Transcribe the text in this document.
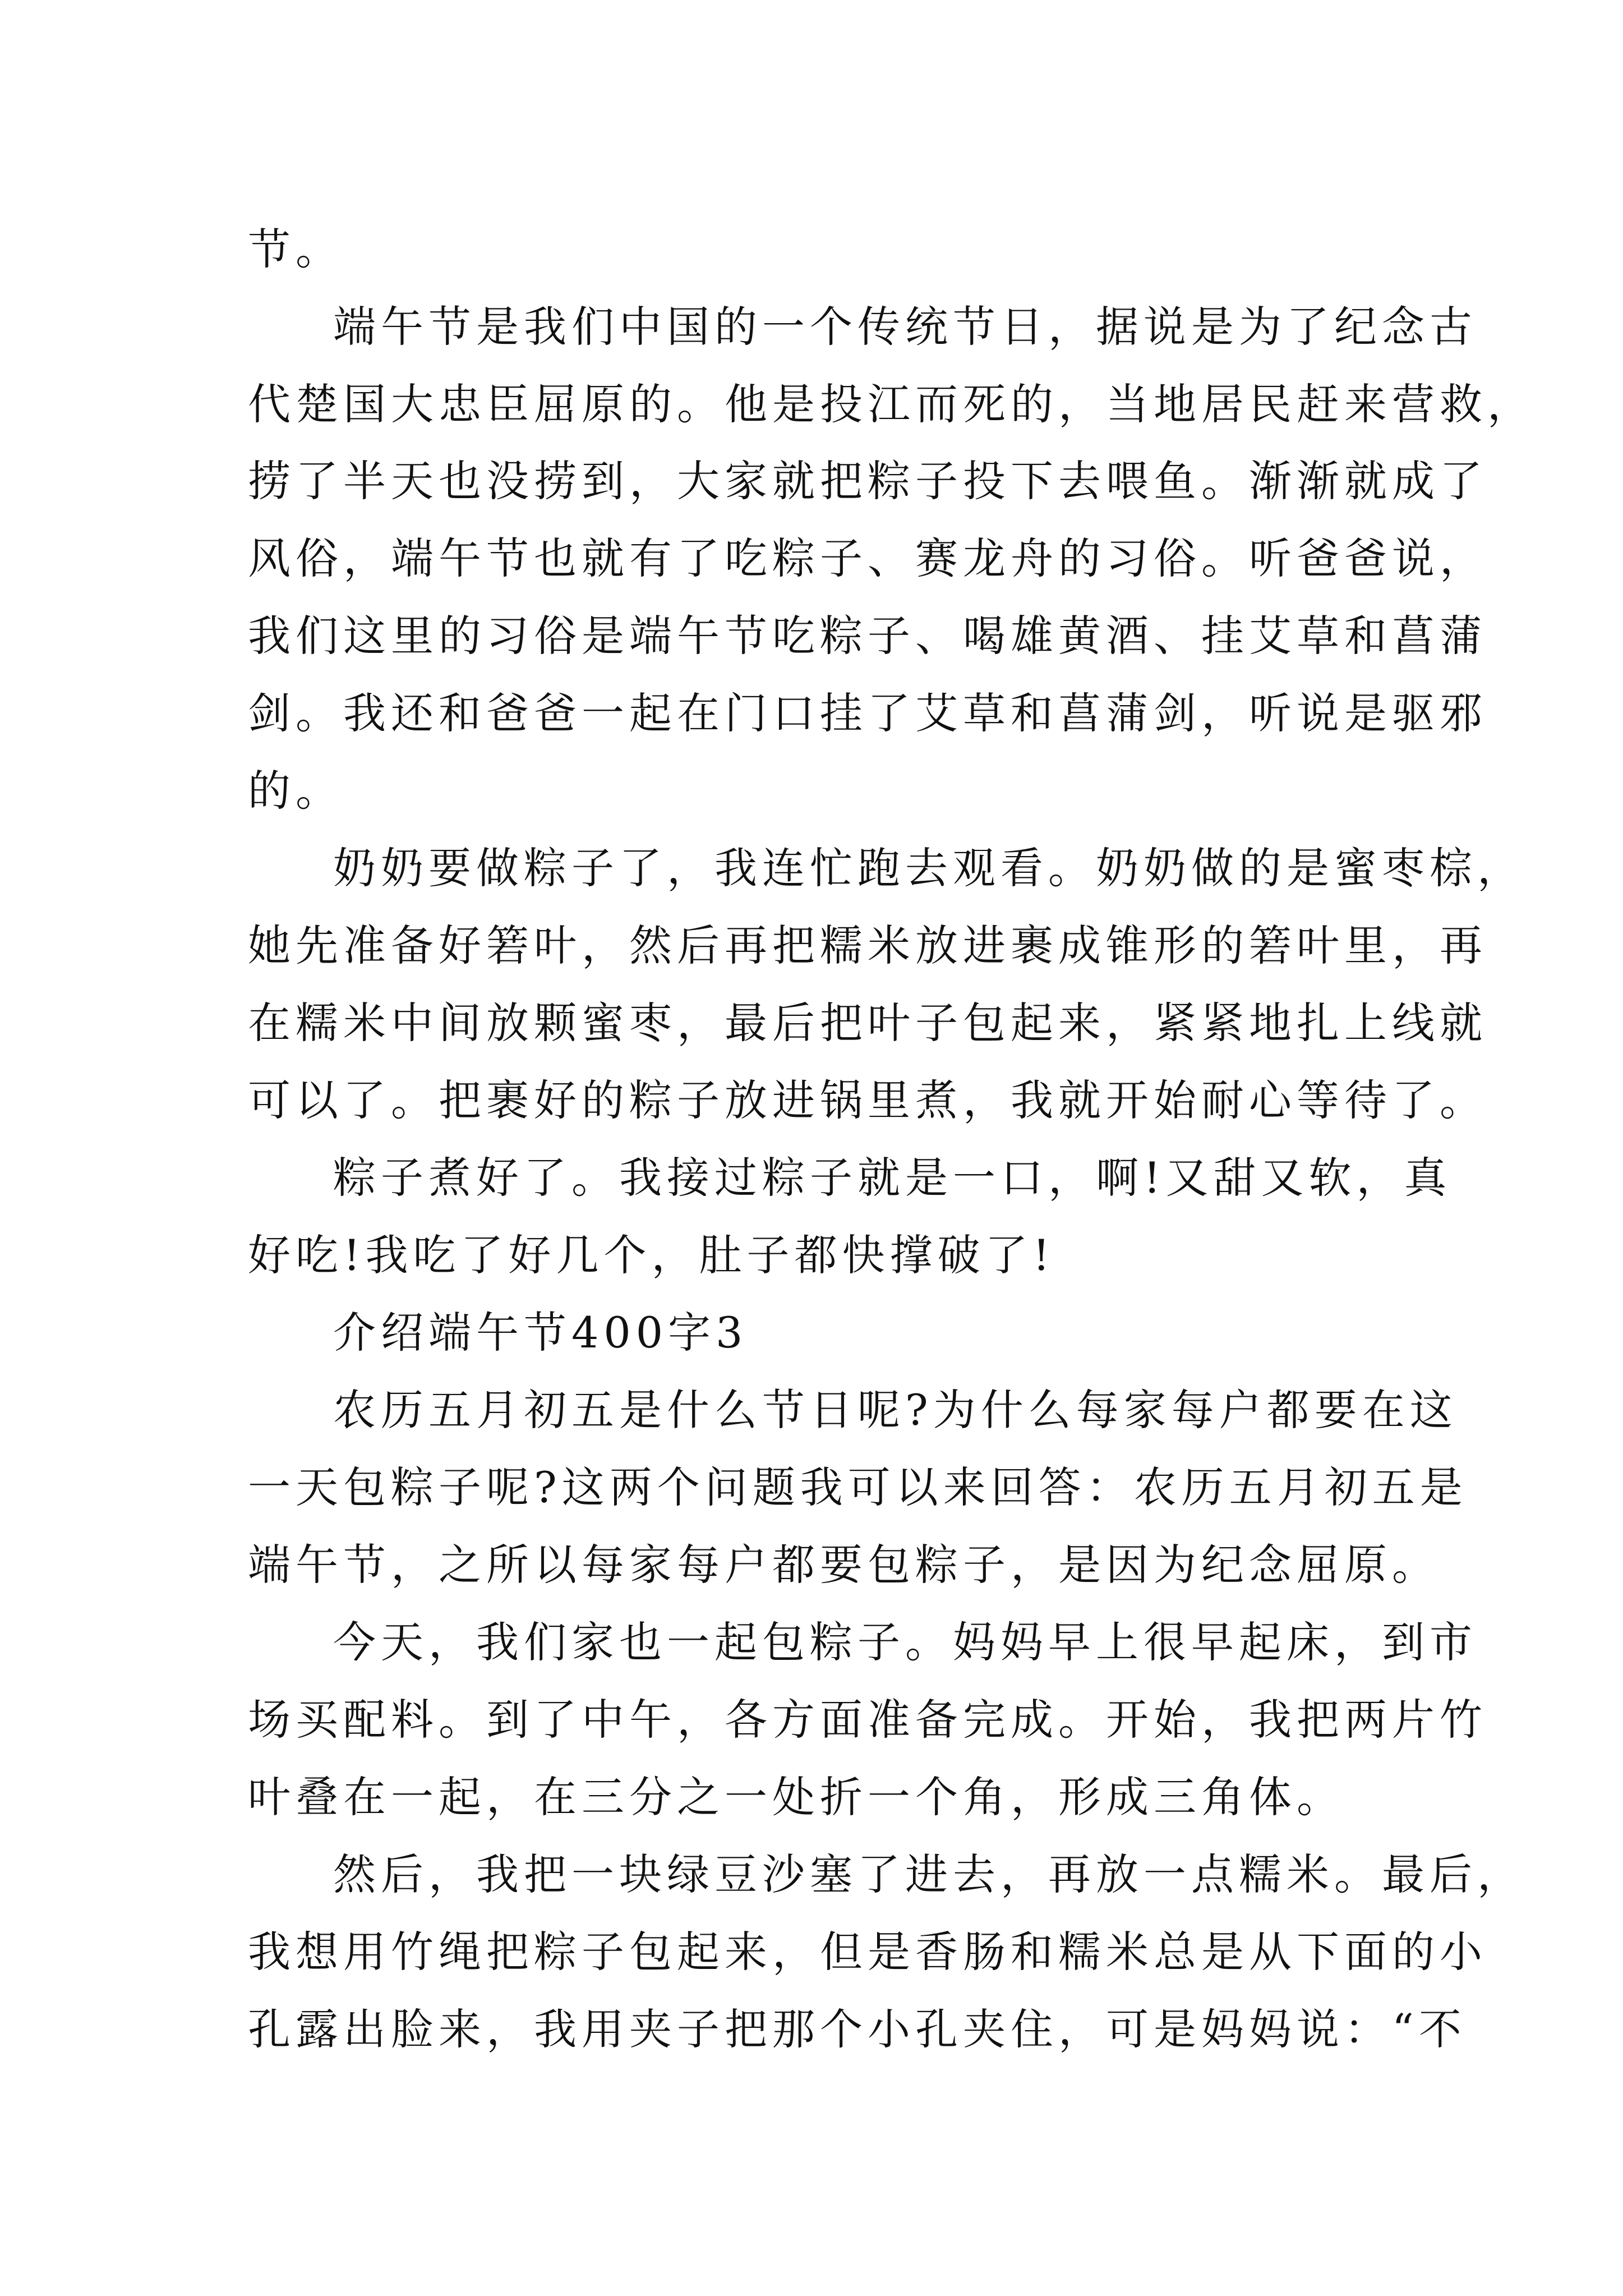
节。
端午节是我们中国的一个传统节日，据说是为了纪念古
代楚国大忠臣屈原的。他是投江而死的，当地居民赶来营救，
捞了半天也没捞到，大家就把粽子投下去喂鱼。渐渐就成了
风俗，端午节也就有了吃粽子、赛龙舟的习俗。听爸爸说，
我们这里的习俗是端午节吃粽子、喝雄黄酒、挂艾草和菖蒲
剑。我还和爸爸一起在门口挂了艾草和菖蒲剑，听说是驱邪
的。
奶奶要做粽子了，我连忙跑去观看。奶奶做的是蜜枣棕，
她先准备好箬叶，然后再把糯米放进裹成锥形的箬叶里，再
在糯米中间放颗蜜枣，最后把叶子包起来，紧紧地扎上线就
可以了。把裹好的粽子放进锅里煮，我就开始耐心等待了。
粽子煮好了。我接过粽子就是一口，啊!又甜又软，真
好吃!我吃了好几个，肚子都快撑破了!
介绍端午节400字3
农历五月初五是什么节日呢?为什么每家每户都要在这
一天包粽子呢?这两个问题我可以来回答：农历五月初五是
端午节，之所以每家每户都要包粽子，是因为纪念屈原。
今天，我们家也一起包粽子。妈妈早上很早起床，到市
场买配料。到了中午，各方面准备完成。开始，我把两片竹
叶叠在一起，在三分之一处折一个角，形成三角体。
然后，我把一块绿豆沙塞了进去，再放一点糯米。最后，
我想用竹绳把粽子包起来，但是香肠和糯米总是从下面的小
孔露出脸来，我用夹子把那个小孔夹住，可是妈妈说：“不
